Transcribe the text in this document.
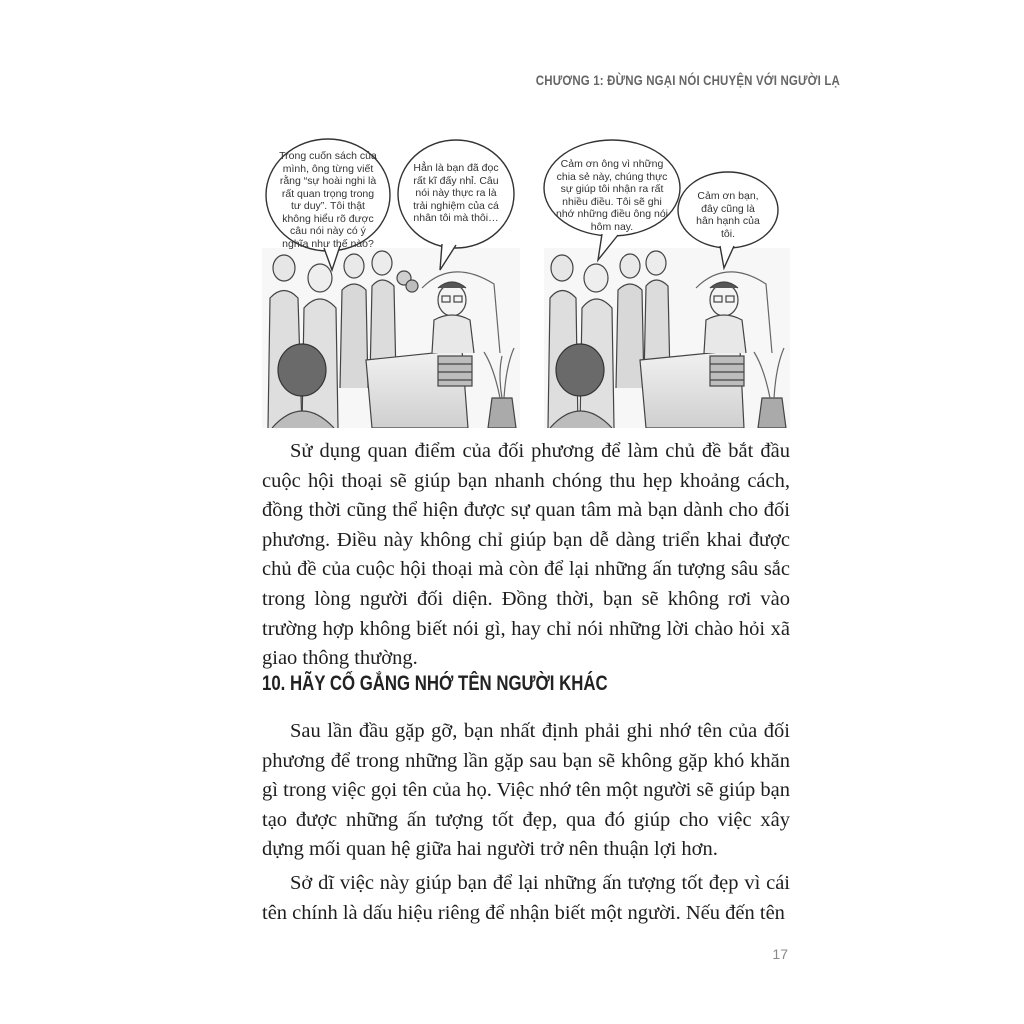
CHƯƠNG 1: ĐỪNG NGẠI NÓI CHUYỆN VỚI NGƯỜI LẠ
Trong cuốn sách của mình, ông từng viết rằng “sự hoài nghi là rất quan trọng trong tư duy”. Tôi thật không hiểu rõ được câu nói này có ý nghĩa như thế nào?
Hẳn là bạn đã đọc rất kĩ đấy nhỉ. Câu nói này thực ra là trải nghiệm của cá nhân tôi mà thôi…
Cảm ơn ông vì những chia sẻ này, chúng thực sự giúp tôi nhận ra rất nhiều điều. Tôi sẽ ghi nhớ những điều ông nói hôm nay.
Cảm ơn bạn, đây cũng là hân hạnh của tôi.

Sử dụng quan điểm của đối phương để làm chủ đề bắt đầu cuộc hội thoại sẽ giúp bạn nhanh chóng thu hẹp khoảng cách, đồng thời cũng thể hiện được sự quan tâm mà bạn dành cho đối phương. Điều này không chỉ giúp bạn dễ dàng triển khai được chủ đề của cuộc hội thoại mà còn để lại những ấn tượng sâu sắc trong lòng người đối diện. Đồng thời, bạn sẽ không rơi vào trường hợp không biết nói gì, hay chỉ nói những lời chào hỏi xã giao thông thường.

10. HÃY CỐ GẮNG NHỚ TÊN NGƯỜI KHÁC

Sau lần đầu gặp gỡ, bạn nhất định phải ghi nhớ tên của đối phương để trong những lần gặp sau bạn sẽ không gặp khó khăn gì trong việc gọi tên của họ. Việc nhớ tên một người sẽ giúp bạn tạo được những ấn tượng tốt đẹp, qua đó giúp cho việc xây dựng mối quan hệ giữa hai người trở nên thuận lợi hơn.

Sở dĩ việc này giúp bạn để lại những ấn tượng tốt đẹp vì cái tên chính là dấu hiệu riêng để nhận biết một người. Nếu đến tên

17
